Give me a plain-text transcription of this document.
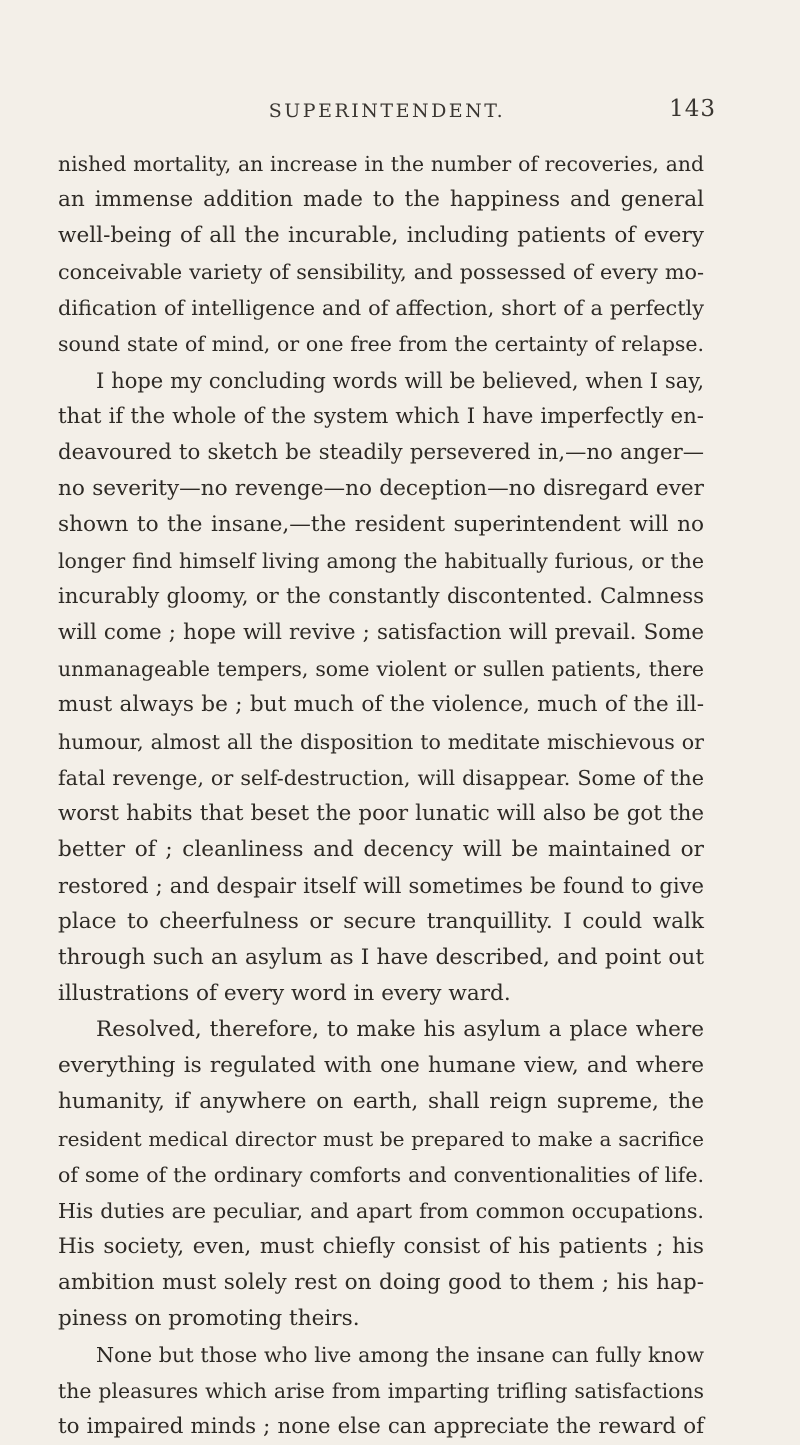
SUPERINTENDENT.	143
nished mortality, an increase in the number of recoveries, and
an immense addition made to the happiness and general
well-being of all the incurable, including patients of every
conceivable variety of sensibility, and possessed of every mo-
dification of intelligence and of affection, short of a perfectly
sound state of mind, or one free from the certainty of relapse.
I hope my concluding words will be believed, when I say,
that if the whole of the system which I have imperfectly en-
deavoured to sketch be steadily persevered in,—no anger—
no severity—no revenge—no deception—no disregard ever
shown to the insane,—the resident superintendent will no
longer find himself living among the habitually furious, or the
incurably gloomy, or the constantly discontented. Calmness
will come ; hope will revive ; satisfaction will prevail. Some
unmanageable tempers, some violent or sullen patients, there
must always be ; but much of the violence, much of the ill-
humour, almost all the disposition to meditate mischievous or
fatal revenge, or self-destruction, will disappear. Some of the
worst habits that beset the poor lunatic will also be got the
better of ; cleanliness and decency will be maintained or
restored ; and despair itself will sometimes be found to give
place to cheerfulness or secure tranquillity. I could walk
through such an asylum as I have described, and point out
illustrations of every word in every ward.
Resolved, therefore, to make his asylum a place where
everything is regulated with one humane view, and where
humanity, if anywhere on earth, shall reign supreme, the
resident medical director must be prepared to make a sacrifice
of some of the ordinary comforts and conventionalities of life.
His duties are peculiar, and apart from common occupations.
His society, even, must chiefly consist of his patients ; his
ambition must solely rest on doing good to them ; his hap-
piness on promoting theirs.
None but those who live among the insane can fully know
the pleasures which arise from imparting trifling satisfactions
to impaired minds ; none else can appreciate the reward of
